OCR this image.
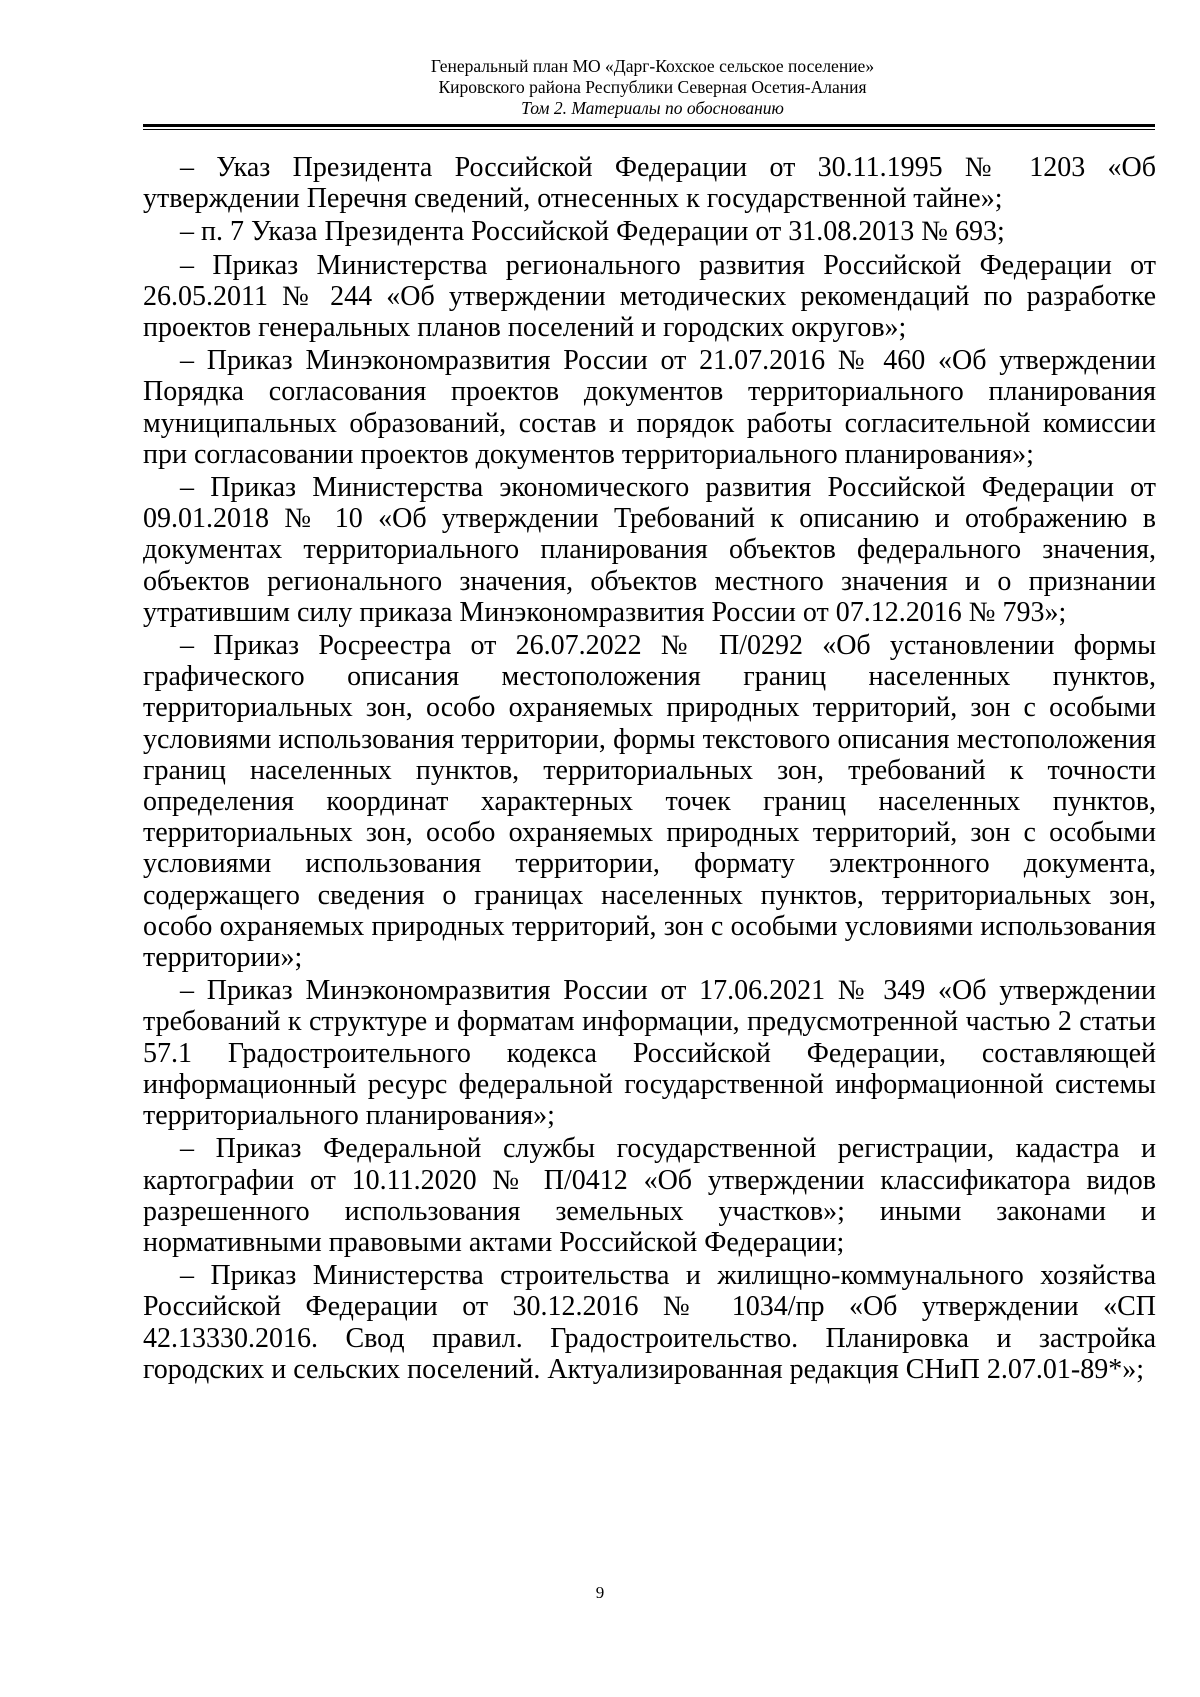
Генеральный план МО «Дарг-Кохское сельское поселение»
Кировского района Республики Северная Осетия-Алания
Том 2. Материалы по обоснованию

– Указ Президента Российской Федерации от 30.11.1995 № 1203 «Об утверждении Перечня сведений, отнесенных к государственной тайне»;

– п. 7 Указа Президента Российской Федерации от 31.08.2013 № 693;

– Приказ Министерства регионального развития Российской Федерации от 26.05.2011 № 244 «Об утверждении методических рекомендаций по разработке проектов генеральных планов поселений и городских округов»;

– Приказ Минэкономразвития России от 21.07.2016 № 460 «Об утверждении Порядка согласования проектов документов территориального планирования муниципальных образований, состав и порядок работы согласительной комиссии при согласовании проектов документов территориального планирования»;

– Приказ Министерства экономического развития Российской Федерации от 09.01.2018 № 10 «Об утверждении Требований к описанию и отображению в документах территориального планирования объектов федерального значения, объектов регионального значения, объектов местного значения и о признании утратившим силу приказа Минэкономразвития России от 07.12.2016 № 793»;

– Приказ Росреестра от 26.07.2022 № П/0292 «Об установлении формы графического описания местоположения границ населенных пунктов, территориальных зон, особо охраняемых природных территорий, зон с особыми условиями использования территории, формы текстового описания местоположения границ населенных пунктов, территориальных зон, требований к точности определения координат характерных точек границ населенных пунктов, территориальных зон, особо охраняемых природных территорий, зон с особыми условиями использования территории, формату электронного документа, содержащего сведения о границах населенных пунктов, территориальных зон, особо охраняемых природных территорий, зон с особыми условиями использования территории»;

– Приказ Минэкономразвития России от 17.06.2021 № 349 «Об утверждении требований к структуре и форматам информации, предусмотренной частью 2 статьи 57.1 Градостроительного кодекса Российской Федерации, составляющей информационный ресурс федеральной государственной информационной системы территориального планирования»;

– Приказ Федеральной службы государственной регистрации, кадастра и картографии от 10.11.2020 № П/0412 «Об утверждении классификатора видов разрешенного использования земельных участков»; иными законами и нормативными правовыми актами Российской Федерации;

– Приказ Министерства строительства и жилищно-коммунального хозяйства Российской Федерации от 30.12.2016 № 1034/пр «Об утверждении «СП 42.13330.2016. Свод правил. Градостроительство. Планировка и застройка городских и сельских поселений. Актуализированная редакция СНиП 2.07.01-89*»;

9
